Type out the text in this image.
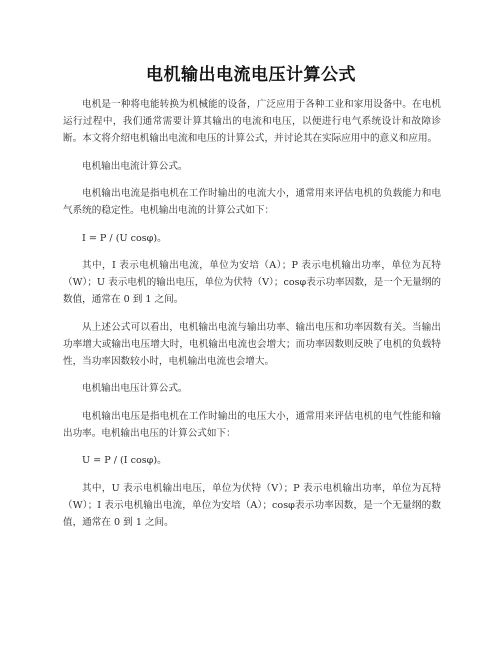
电机输出电流电压计算公式

电机是一种将电能转换为机械能的设备，广泛应用于各种工业和家用设备中。在电机运行过程中，我们通常需要计算其输出的电流和电压，以便进行电气系统设计和故障诊断。本文将介绍电机输出电流和电压的计算公式，并讨论其在实际应用中的意义和应用。

电机输出电流计算公式。

电机输出电流是指电机在工作时输出的电流大小，通常用来评估电机的负载能力和电气系统的稳定性。电机输出电流的计算公式如下：

I = P / (U cosφ)。

其中，I 表示电机输出电流，单位为安培（A）；P 表示电机输出功率，单位为瓦特（W）；U 表示电机的输出电压，单位为伏特（V）；cosφ表示功率因数，是一个无量纲的数值，通常在 0 到 1 之间。

从上述公式可以看出，电机输出电流与输出功率、输出电压和功率因数有关。当输出功率增大或输出电压增大时，电机输出电流也会增大；而功率因数则反映了电机的负载特性，当功率因数较小时，电机输出电流也会增大。

电机输出电压计算公式。

电机输出电压是指电机在工作时输出的电压大小，通常用来评估电机的电气性能和输出功率。电机输出电压的计算公式如下：

U = P / (I cosφ)。

其中，U 表示电机输出电压，单位为伏特（V）；P 表示电机输出功率，单位为瓦特（W）；I 表示电机输出电流，单位为安培（A）；cosφ表示功率因数，是一个无量纲的数值，通常在 0 到 1 之间。
